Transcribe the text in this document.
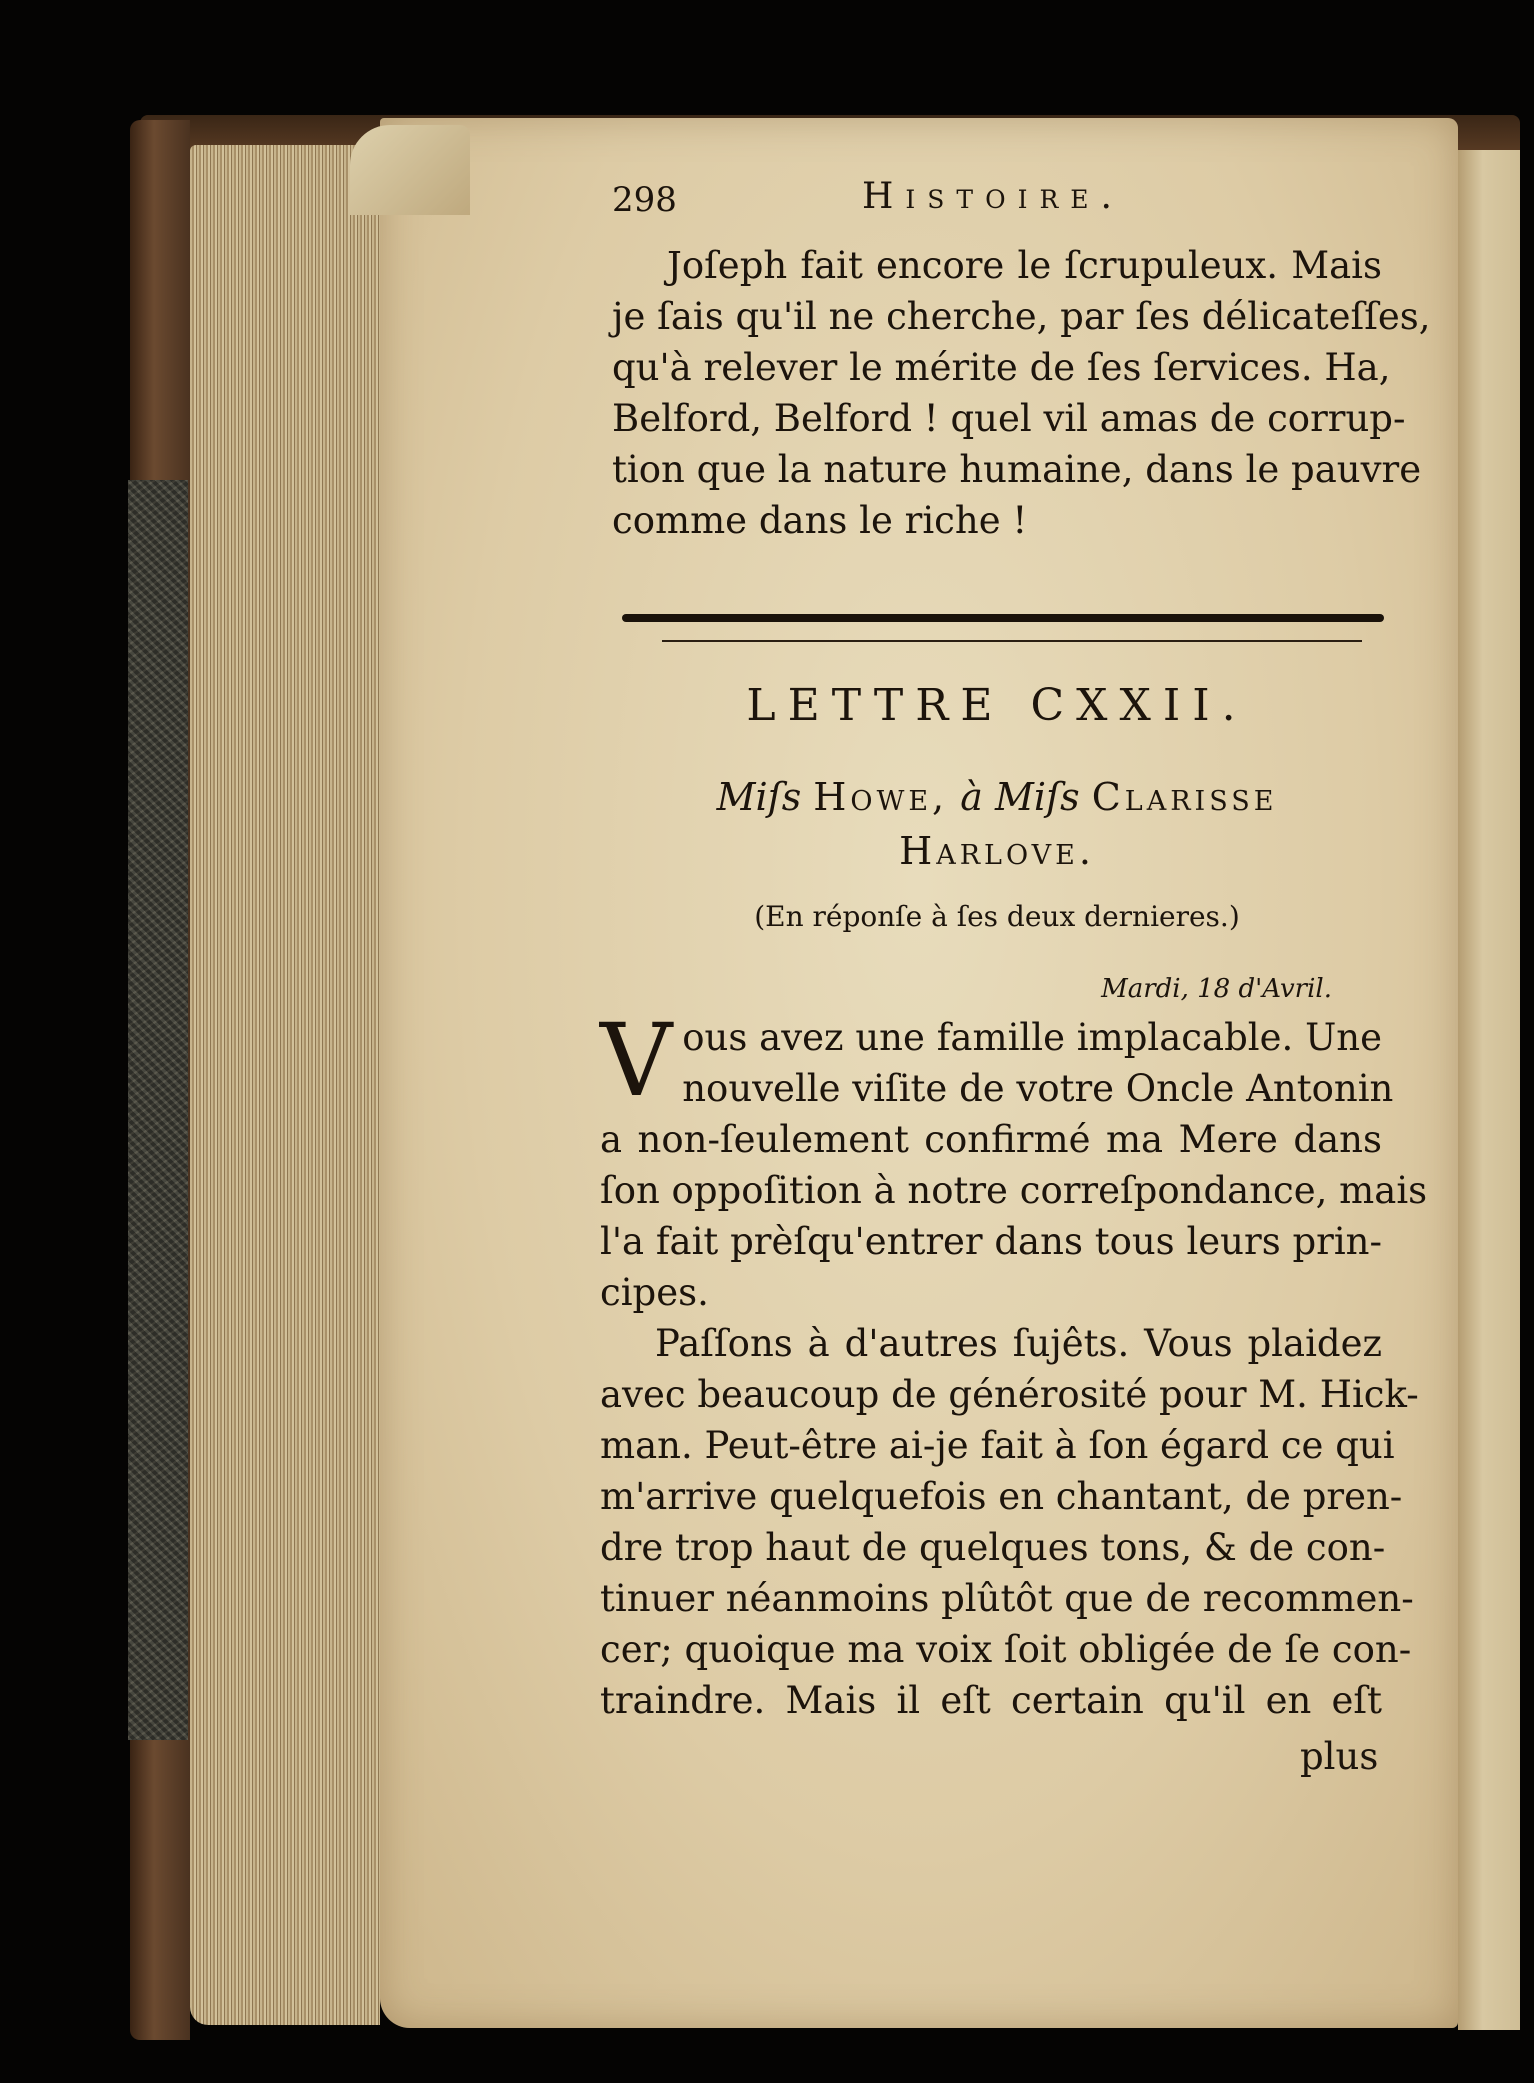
298	Histoire.

Joſeph fait encore le ſcrupuleux. Mais
je ſais qu'il ne cherche, par ſes délicateſſes,
qu'à relever le mérite de ſes ſervices. Ha,
Belford, Belford ! quel vil amas de corrup-
tion que la nature humaine, dans le pauvre
comme dans le riche !

LETTRE CXXII.
Miſs Howe, à Miſs Clarisse
Harlove.
(En réponſe à ſes deux dernieres.)
Mardi, 18 d'Avril.

V ous avez une famille implacable. Une
nouvelle viſite de votre Oncle Antonin
a non-ſeulement confirmé ma Mere dans
ſon oppoſition à notre correſpondance, mais
l'a fait prèſqu'entrer dans tous leurs prin-
cipes.

Paſſons à d'autres ſujêts. Vous plaidez
avec beaucoup de générosité pour M. Hick-
man. Peut-être ai-je fait à ſon égard ce qui
m'arrive quelquefois en chantant, de pren-
dre trop haut de quelques tons, & de con-
tinuer néanmoins plûtôt que de recommen-
cer; quoique ma voix ſoit obligée de ſe con-
traindre. Mais il eſt certain qu'il en eſt

plus
